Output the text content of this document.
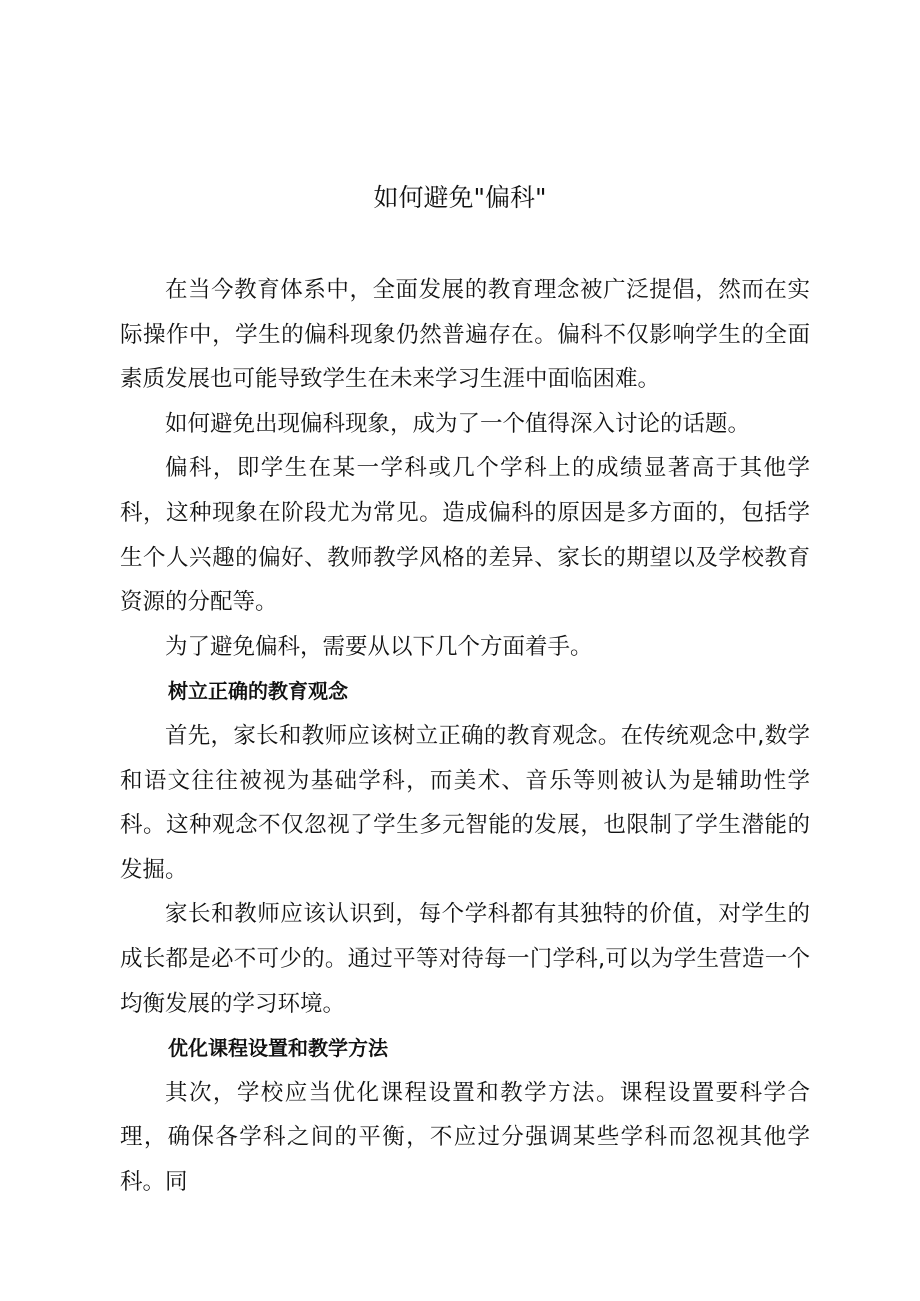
如何避免"偏科"

在当今教育体系中，全面发展的教育理念被广泛提倡，然而在实际操作中，学生的偏科现象仍然普遍存在。偏科不仅影响学生的全面素质发展也可能导致学生在未来学习生涯中面临困难。

如何避免出现偏科现象，成为了一个值得深入讨论的话题。

偏科，即学生在某一学科或几个学科上的成绩显著高于其他学科，这种现象在阶段尤为常见。造成偏科的原因是多方面的，包括学生个人兴趣的偏好、教师教学风格的差异、家长的期望以及学校教育资源的分配等。

为了避免偏科，需要从以下几个方面着手。

树立正确的教育观念

首先，家长和教师应该树立正确的教育观念。在传统观念中,数学和语文往往被视为基础学科，而美术、音乐等则被认为是辅助性学科。这种观念不仅忽视了学生多元智能的发展，也限制了学生潜能的发掘。

家长和教师应该认识到，每个学科都有其独特的价值，对学生的成长都是必不可少的。通过平等对待每一门学科,可以为学生营造一个均衡发展的学习环境。

优化课程设置和教学方法

其次，学校应当优化课程设置和教学方法。课程设置要科学合理，确保各学科之间的平衡，不应过分强调某些学科而忽视其他学科。同
